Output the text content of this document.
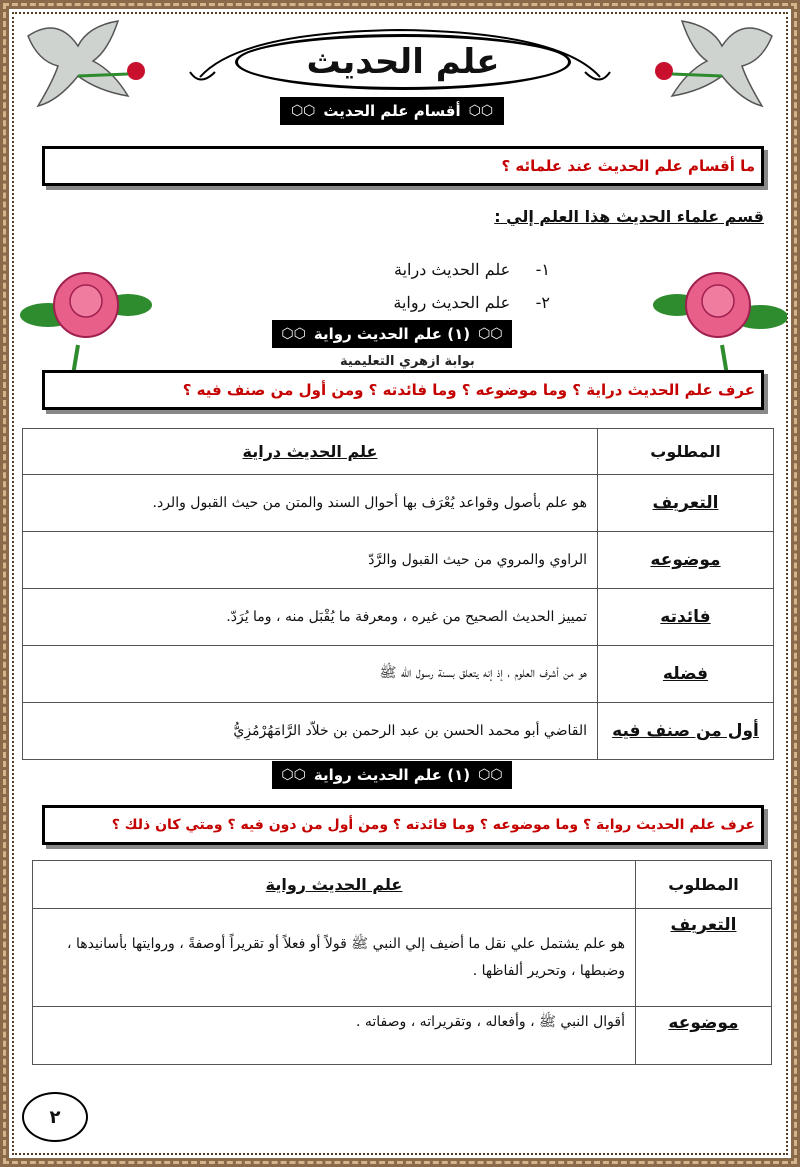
علم الحديث
⬡⬡
أقسام علم الحديث
⬡⬡
ما أقسام علم الحديث عند علمائه ؟
قسم علماء الحديث هذا العلم إلي :
١-     علم الحديث دراية
٢-     علم الحديث رواية
⬡⬡
(١) علم الحديث رواية
⬡⬡
بوابة ازهري التعليمية
عرف علم الحديث دراية ؟ وما موضوعه ؟ وما فائدته ؟ ومن أول من صنف فيه ؟
المطلوب	علم الحديث دراية
التعريف	هو علم بأصول وقواعد يُعْرَف بها أحوال السند والمتن من حيث القبول والرد.
موضوعه	الراوي والمروي من حيث القبول والرَّدّ
فائدته	تمييز الحديث الصحيح من غيره ، ومعرفة ما يُقْبَل منه ، وما يُرَدّ.
فضله	هو من أشرف العلوم ، إذ إنه يتعلق بسنة رسول الله ﷺ
أول من صنف فيه	القاضي أبو محمد الحسن بن عبد الرحمن بن خلاّد الرَّامَهُرْمُزِيُّ
⬡⬡
(١) علم الحديث رواية
⬡⬡
عرف علم الحديث رواية ؟ وما موضوعه ؟ وما فائدته ؟ ومن أول من دون فيه ؟ ومتي كان ذلك ؟
المطلوب	علم الحديث رواية
التعريف	هو علم يشتمل علي نقل ما أضيف إلي النبي ﷺ قولاً أو فعلاً أو تقريراً أوصفةً ، وروايتها بأسانيدها ، وضبطها ، وتحرير ألفاظها .
موضوعه	أقوال النبي ﷺ ، وأفعاله ، وتقريراته ، وصفاته .
٢
